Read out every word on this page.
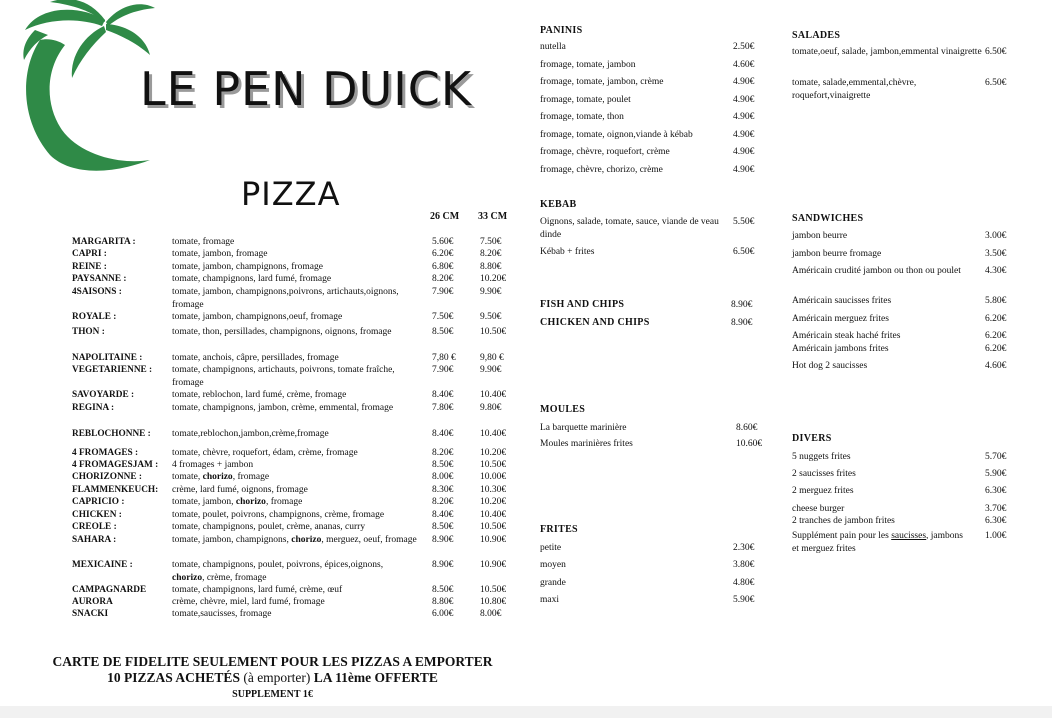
LE PEN DUICK
PIZZA
26 CM 33 CM
MARGARITA :	tomate, fromage	5.60€	7.50€
CAPRI :	tomate, jambon, fromage	6.20€	8.20€
REINE :	tomate, jambon, champignons, fromage	6.80€	8.80€
PAYSANNE :	tomate, champignons, lard fumé, fromage	8.20€	10.20€
4SAISONS :	tomate, jambon, champignons,poivrons, artichauts,oignons, fromage
7.90€	9.90€
ROYALE :	tomate, jambon, champignons,oeuf, fromage	7.50€	9.50€
THON :	tomate, thon, persillades, champignons, oignons, fromage	8.50€	10.50€
NAPOLITAINE :	tomate, anchois, câpre, persillades, fromage	7,80 €	9,80 €
VEGETARIENNE :	tomate, champignons, artichauts, poivrons, tomate fraîche, fromage
7.90€	9.90€
SAVOYARDE :	tomate, reblochon, lard fumé, crème, fromage	8.40€	10.40€
REGINA :	tomate, champignons, jambon, crème, emmental, fromage	7.80€	9.80€
REBLOCHONNE :	tomate,reblochon,jambon,crème,fromage	8.40€	10.40€
4 FROMAGES :	tomate, chèvre, roquefort, édam, crème, fromage	8.20€	10.20€
4 FROMAGESJAM :	4 fromages + jambon	8.50€	10.50€
CHORIZONNE :	tomate, chorizo, fromage	8.00€	10.00€
FLAMMENKEUCH:	crème, lard fumé, oignons, fromage	8.30€	10.30€
CAPRICIO :	tomate, jambon, chorizo, fromage	8.20€	10.20€
CHICKEN :	tomate, poulet, poivrons, champignons, crème, fromage	8.40€	10.40€
CREOLE :	tomate, champignons, poulet, crème, ananas, curry	8.50€	10.50€
SAHARA :	tomate, jambon, champignons, chorizo, merguez, oeuf, fromage 8.90€	10.90€
MEXICAINE :	tomate, champignons, poulet, poivrons, épices,oignons, chorizo, crème, fromage
8.90€	10.90€
CAMPAGNARDE	tomate, champignons, lard fumé, crème, œuf	8.50€	10.50€
AURORA	crème, chèvre, miel, lard fumé, fromage	8.80€	10.80€
SNACKI	tomate,saucisses, fromage	6.00€	8.00€
PANINIS
nutella	2.50€
fromage, tomate, jambon	4.60€
fromage, tomate, jambon, crème	4.90€
fromage, tomate, poulet	4.90€
fromage, tomate, thon	4.90€
fromage, tomate, oignon,viande à kébab	4.90€
fromage, chèvre, roquefort, crème	4.90€
fromage, chèvre, chorizo, crème	4.90€
KEBAB
Oignons, salade, tomate, sauce, viande de veau dinde
5.50€
Kébab + frites	6.50€
FISH AND CHIPS	8.90€
CHICKEN AND CHIPS	8.90€
MOULES
La barquette marinière	8.60€
Moules marinières frites	10.60€
FRITES
petite	2.30€
moyen	3.80€
grande	4.80€
maxi	5.90€
SALADES
tomate,oeuf, salade, jambon,emmental vinaigrette 6.50€
tomate, salade,emmental,chèvre, roquefort,vinaigrette
6.50€
SANDWICHES
jambon beurre	3.00€
jambon beurre fromage	3.50€
Américain crudité jambon ou thon ou poulet	4.30€
Américain saucisses frites	5.80€
Américain merguez frites	6.20€
Américain steak haché frites	6.20€
Américain jambons frites	6.20€
Hot dog 2 saucisses	4.60€
DIVERS
5 nuggets frites	5.70€
2 saucisses frites	5.90€
2 merguez frites	6.30€
cheese burger	3.70€
2 tranches de jambon frites	6.30€
Supplément pain pour les saucisses, jambons et merguez frites
1.00€
CARTE DE FIDELITE SEULEMENT POUR LES PIZZAS A EMPORTER
10 PIZZAS ACHETÉS (à emporter) LA 11ème OFFERTE
SUPPLEMENT 1€
